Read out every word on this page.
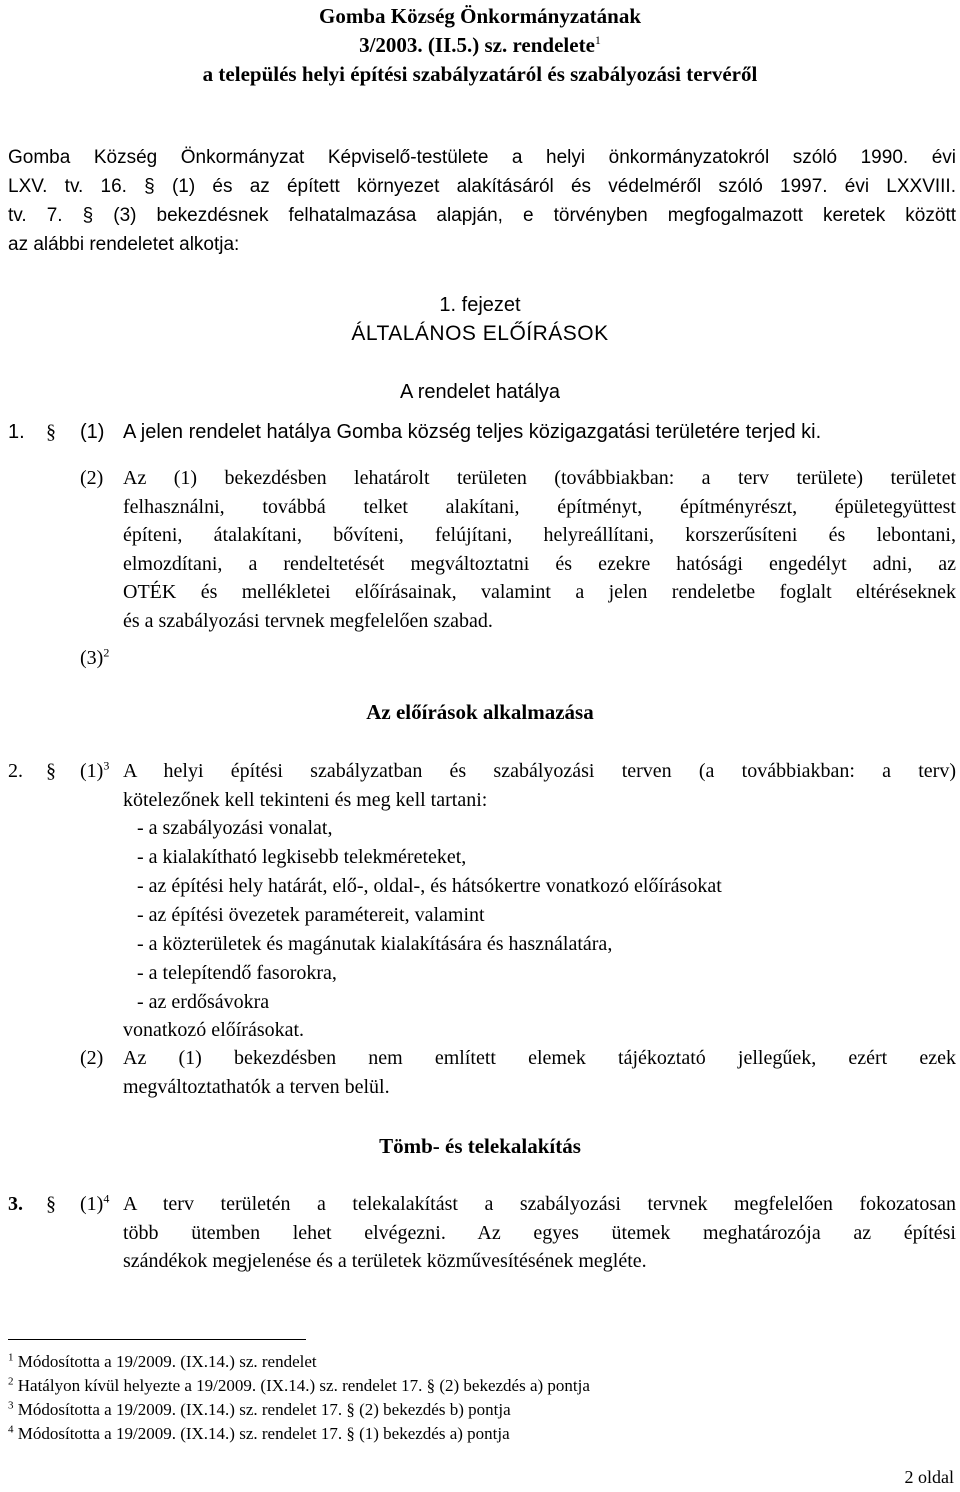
Gomba Község Önkormányzatának
3/2003. (II.5.) sz. rendelete$^1$
a település helyi építési szabályzatáról és szabályozási tervéről
Gomba Község Önkormányzat Képviselő-testülete a helyi önkormányzatokról szóló 1990. évi
LXV. tv. 16. § (1) és az épített környezet alakításáról és védelméről szóló 1997. évi LXXVIII.
tv. 7. § (3) bekezdésnek felhatalmazása alapján, e törvényben megfogalmazott keretek között
az alábbi rendeletet alkotja:
1. fejezet
ÁLTALÁNOS ELŐÍRÁSOK
A rendelet hatálya
1. § (1) A jelen rendelet hatálya Gomba község teljes közigazgatási területére terjed ki.
(2) Az (1) bekezdésben lehatárolt területen (továbbiakban: a terv területe) területet
felhasználni, továbbá telket alakítani, építményt, építményrészt, épületegyüttest
építeni, átalakítani, bővíteni, felújítani, helyreállítani, korszerűsíteni és lebontani,
elmozdítani, a rendeltetését megváltoztatni és ezekre hatósági engedélyt adni, az
OTÉK és mellékletei előírásainak, valamint a jelen rendeletbe foglalt eltéréseknek
és a szabályozási tervnek megfelelően szabad.
$(3)^2$
Az előírások alkalmazása
2. § $(1)^3$ A helyi építési szabályzatban és szabályozási terven (a továbbiakban: a terv)
kötelezőnek kell tekinteni és meg kell tartani:
- a szabályozási vonalat,
- a kialakítható legkisebb telekméreteket,
- az építési hely határát, elő-, oldal-, és hátsókertre vonatkozó előírásokat
- az építési övezetek paramétereit, valamint
- a közterületek és magánutak kialakítására és használatára,
- a telepítendő fasorokra,
- az erdősávokra
vonatkozó előírásokat.
(2) Az (1) bekezdésben nem említett elemek tájékoztató jellegűek, ezért ezek
megváltoztathatók a terven belül.
Tömb- és telekalakítás
3. § $(1)^4$ A terv területén a telekalakítást a szabályozási tervnek megfelelően fokozatosan
több ütemben lehet elvégezni. Az egyes ütemek meghatározója az építési
szándékok megjelenése és a területek közművesítésének megléte.
$^1$ Módosította a 19/2009. (IX.14.) sz. rendelet
$^2$ Hatályon kívül helyezte a 19/2009. (IX.14.) sz. rendelet 17. § (2) bekezdés a) pontja
$^3$ Módosította a 19/2009. (IX.14.) sz. rendelet 17. § (2) bekezdés b) pontja
$^4$ Módosította a 19/2009. (IX.14.) sz. rendelet 17. § (1) bekezdés a) pontja
2 oldal
